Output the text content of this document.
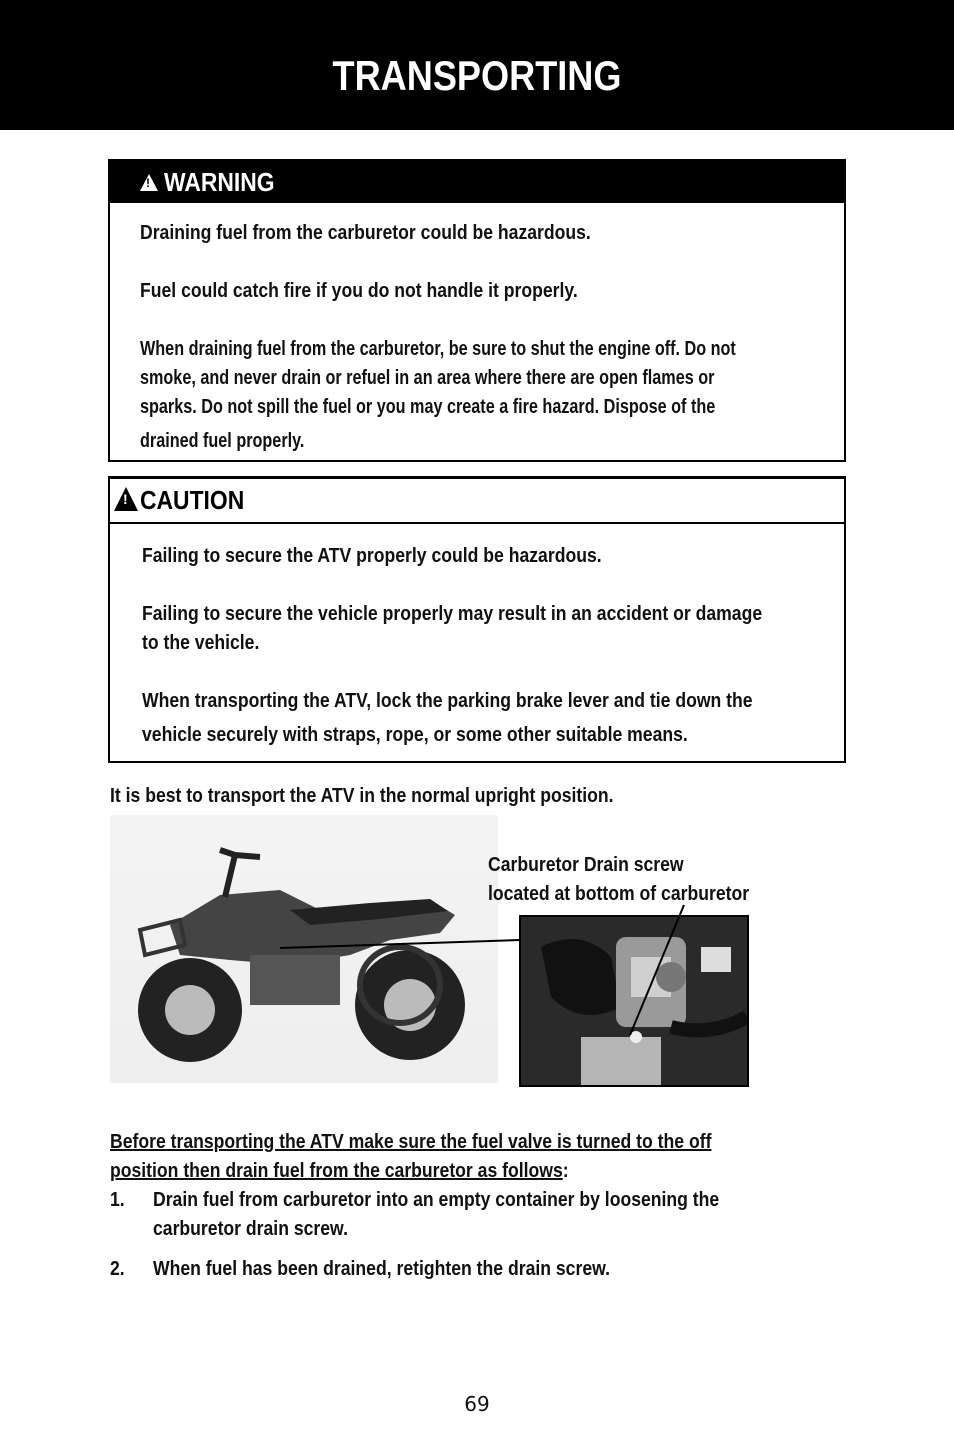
TRANSPORTING
!
WARNING
Draining fuel from the carburetor could be hazardous.
Fuel could catch fire if you do not handle it properly.
When draining fuel from the carburetor, be sure to shut the engine off. Do not
smoke, and never drain or refuel in an area where there are open flames or
sparks. Do not spill the fuel or you may create a fire hazard. Dispose of the
drained fuel properly.
!
CAUTION
Failing to secure the ATV properly could be hazardous.
Failing to secure the vehicle properly may result in an accident or damage
to the vehicle.
When transporting the ATV, lock the parking brake lever and tie down the
vehicle securely with straps, rope, or some other suitable means.
It is best to transport the ATV in the normal upright position.
Carburetor Drain screw
located at bottom of carburetor
Before transporting the ATV make sure the fuel valve is turned to the off
position then drain fuel from the carburetor as follows:
1. Drain fuel from carburetor into an empty container by loosening the
carburetor drain screw.
2. When fuel has been drained, retighten the drain screw.
69
